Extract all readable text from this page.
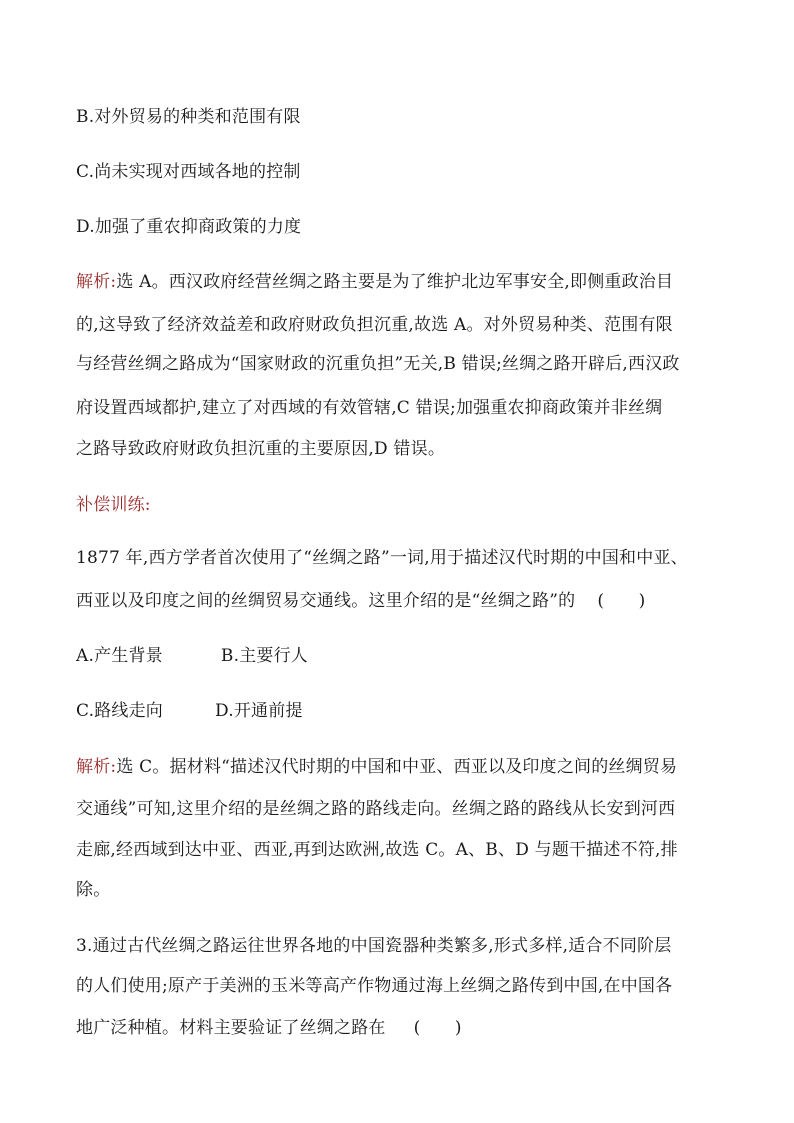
B.对外贸易的种类和范围有限
C.尚未实现对西域各地的控制
D.加强了重农抑商政策的力度
解析:选 A。西汉政府经营丝绸之路主要是为了维护北边军事安全,即侧重政治目
的,这导致了经济效益差和政府财政负担沉重,故选 A。对外贸易种类、范围有限
与经营丝绸之路成为“国家财政的沉重负担”无关,B 错误;丝绸之路开辟后,西汉政
府设置西域都护,建立了对西域的有效管辖,C 错误;加强重农抑商政策并非丝绸
之路导致政府财政负担沉重的主要原因,D 错误。
补偿训练:
1877 年,西方学者首次使用了“丝绸之路”一词,用于描述汉代时期的中国和中亚、
西亚以及印度之间的丝绸贸易交通线。这里介绍的是“丝绸之路”的 (　　)
A.产生背景	B.主要行人
C.路线走向	D.开通前提
解析:选 C。据材料“描述汉代时期的中国和中亚、西亚以及印度之间的丝绸贸易
交通线”可知,这里介绍的是丝绸之路的路线走向。丝绸之路的路线从长安到河西
走廊,经西域到达中亚、西亚,再到达欧洲,故选 C。A、B、D 与题干描述不符,排
除。
3.通过古代丝绸之路运往世界各地的中国瓷器种类繁多,形式多样,适合不同阶层
的人们使用;原产于美洲的玉米等高产作物通过海上丝绸之路传到中国,在中国各
地广泛种植。材料主要验证了丝绸之路在 (　　)
